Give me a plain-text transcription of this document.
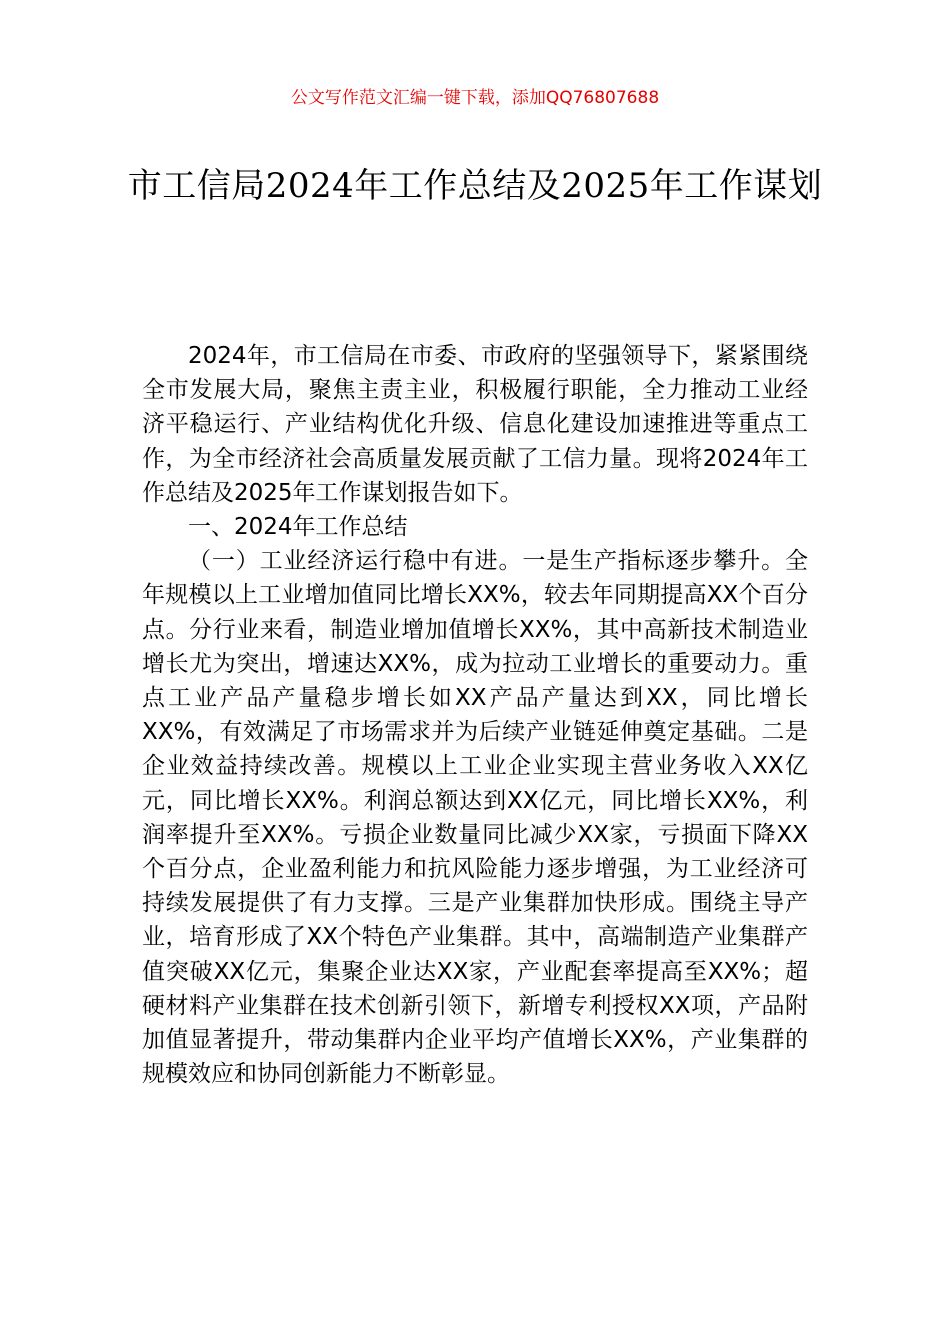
公文写作范文汇编一键下载，添加QQ76807688
市工信局2024年工作总结及2025年工作谋划

2024年，市工信局在市委、市政府的坚强领导下，紧紧围绕全市发展大局，聚焦主责主业，积极履行职能，全力推动工业经济平稳运行、产业结构优化升级、信息化建设加速推进等重点工作，为全市经济社会高质量发展贡献了工信力量。现将2024年工作总结及2025年工作谋划报告如下。

一、2024年工作总结

（一）工业经济运行稳中有进。一是生产指标逐步攀升。全年规模以上工业增加值同比增长XX%，较去年同期提高XX个百分点。分行业来看，制造业增加值增长XX%，其中高新技术制造业增长尤为突出，增速达XX%，成为拉动工业增长的重要动力。重点工业产品产量稳步增长如XX产品产量达到XX，同比增长XX%，有效满足了市场需求并为后续产业链延伸奠定基础。二是企业效益持续改善。规模以上工业企业实现主营业务收入XX亿元，同比增长XX%。利润总额达到XX亿元，同比增长XX%，利润率提升至XX%。亏损企业数量同比减少XX家，亏损面下降XX个百分点，企业盈利能力和抗风险能力逐步增强，为工业经济可持续发展提供了有力支撑。三是产业集群加快形成。围绕主导产业，培育形成了XX个特色产业集群。其中，高端制造产业集群产值突破XX亿元，集聚企业达XX家，产业配套率提高至XX%；超硬材料产业集群在技术创新引领下，新增专利授权XX项，产品附加值显著提升，带动集群内企业平均产值增长XX%，产业集群的规模效应和协同创新能力不断彰显。
